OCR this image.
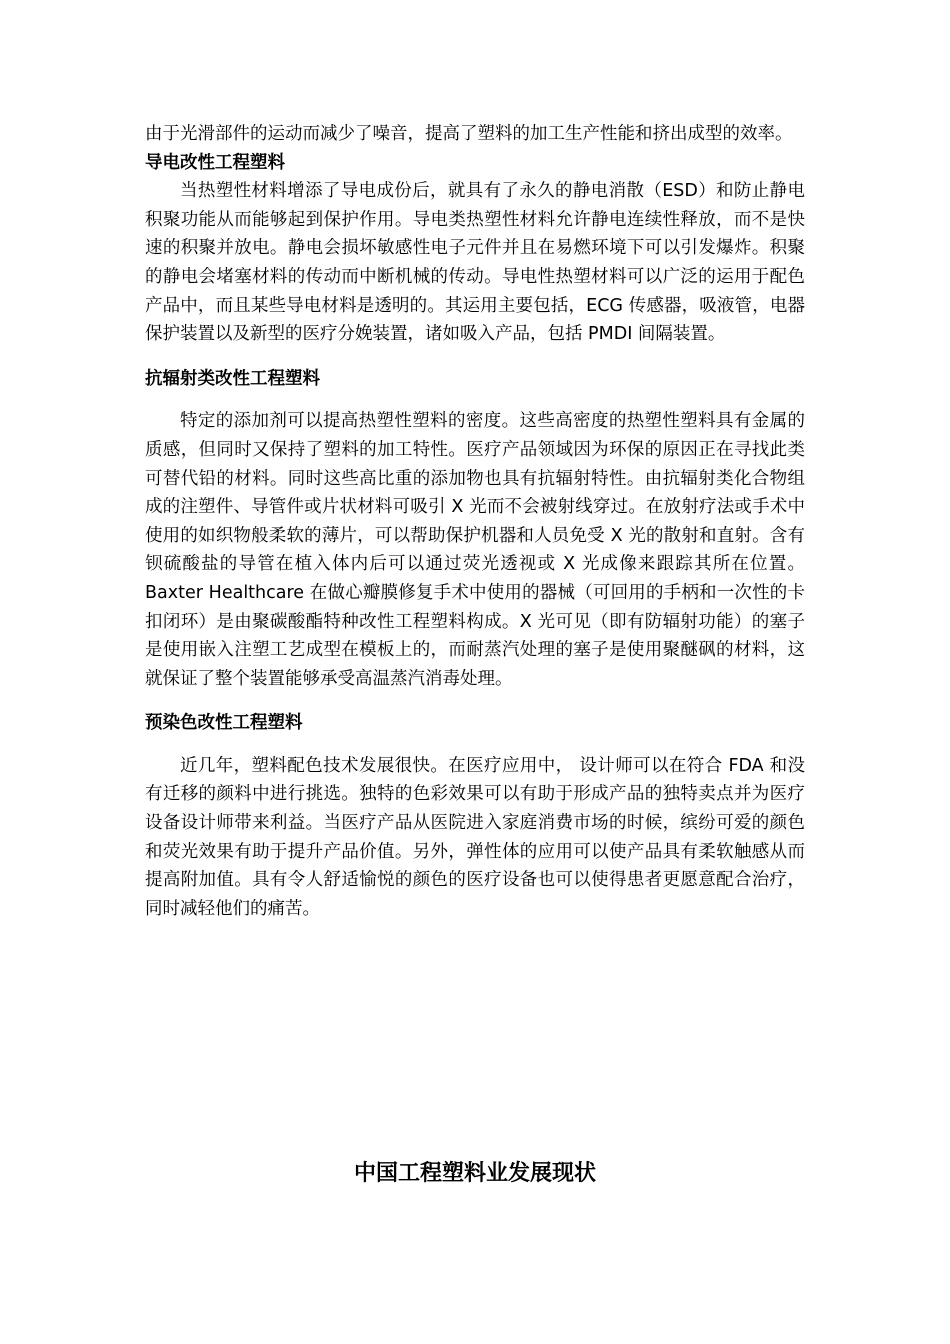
由于光滑部件的运动而减少了噪音，提高了塑料的加工生产性能和挤出成型的效率。

导电改性工程塑料

当热塑性材料增添了导电成份后，就具有了永久的静电消散（ESD）和防止静电积聚功能从而能够起到保护作用。导电类热塑性材料允许静电连续性释放，而不是快速的积聚并放电。静电会损坏敏感性电子元件并且在易燃环境下可以引发爆炸。积聚的静电会堵塞材料的传动而中断机械的传动。导电性热塑材料可以广泛的运用于配色产品中，而且某些导电材料是透明的。其运用主要包括，ECG 传感器，吸液管，电器保护装置以及新型的医疗分娩装置，诸如吸入产品，包括 PMDI 间隔装置。

抗辐射类改性工程塑料

特定的添加剂可以提高热塑性塑料的密度。这些高密度的热塑性塑料具有金属的质感，但同时又保持了塑料的加工特性。医疗产品领域因为环保的原因正在寻找此类可替代铅的材料。同时这些高比重的添加物也具有抗辐射特性。由抗辐射类化合物组成的注塑件、导管件或片状材料可吸引 X 光而不会被射线穿过。在放射疗法或手术中使用的如织物般柔软的薄片，可以帮助保护机器和人员免受 X 光的散射和直射。含有钡硫酸盐的导管在植入体内后可以通过荧光透视或 X 光成像来跟踪其所在位置。Baxter Healthcare 在做心瓣膜修复手术中使用的器械（可回用的手柄和一次性的卡扣闭环）是由聚碳酸酯特种改性工程塑料构成。X 光可见（即有防辐射功能）的塞子是使用嵌入注塑工艺成型在模板上的，而耐蒸汽处理的塞子是使用聚醚砜的材料，这就保证了整个装置能够承受高温蒸汽消毒处理。

预染色改性工程塑料

近几年，塑料配色技术发展很快。在医疗应用中， 设计师可以在符合 FDA 和没有迁移的颜料中进行挑选。独特的色彩效果可以有助于形成产品的独特卖点并为医疗设备设计师带来利益。当医疗产品从医院进入家庭消费市场的时候，缤纷可爱的颜色和荧光效果有助于提升产品价值。另外，弹性体的应用可以使产品具有柔软触感从而提高附加值。具有令人舒适愉悦的颜色的医疗设备也可以使得患者更愿意配合治疗，同时减轻他们的痛苦。

中国工程塑料业发展现状
